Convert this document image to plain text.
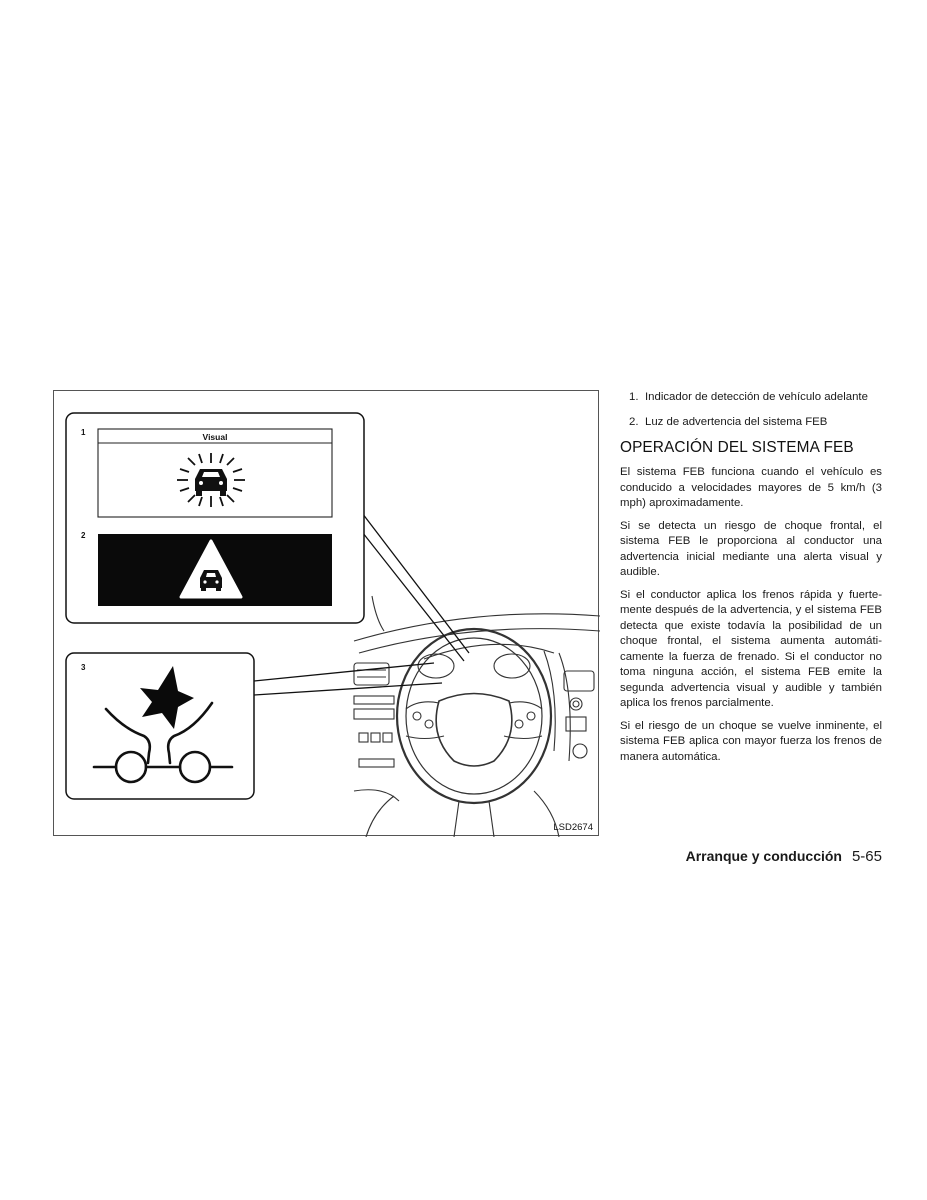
1
2
3
Visual
LSD2674
1. Indicador de detección de vehículo adelante
2. Luz de advertencia del sistema FEB
OPERACIÓN DEL SISTEMA FEB

El sistema FEB funciona cuando el vehículo es conducido a velocidades mayores de 5 km/h (3 mph) aproximadamente.

Si se detecta un riesgo de choque frontal, el sistema FEB le proporciona al conductor una advertencia inicial mediante una alerta visual y audible.

Si el conductor aplica los frenos rápida y fuertemente después de la advertencia, y el sistema FEB detecta que existe todavía la posibilidad de un choque frontal, el sistema aumenta automáticamente la fuerza de frenado. Si el conductor no toma ninguna acción, el sistema FEB emite la segunda advertencia visual y audible y también aplica los frenos parcialmente.

Si el riesgo de un choque se vuelve inminente, el sistema FEB aplica con mayor fuerza los frenos de manera automática.

Arranque y conducción 5-65
